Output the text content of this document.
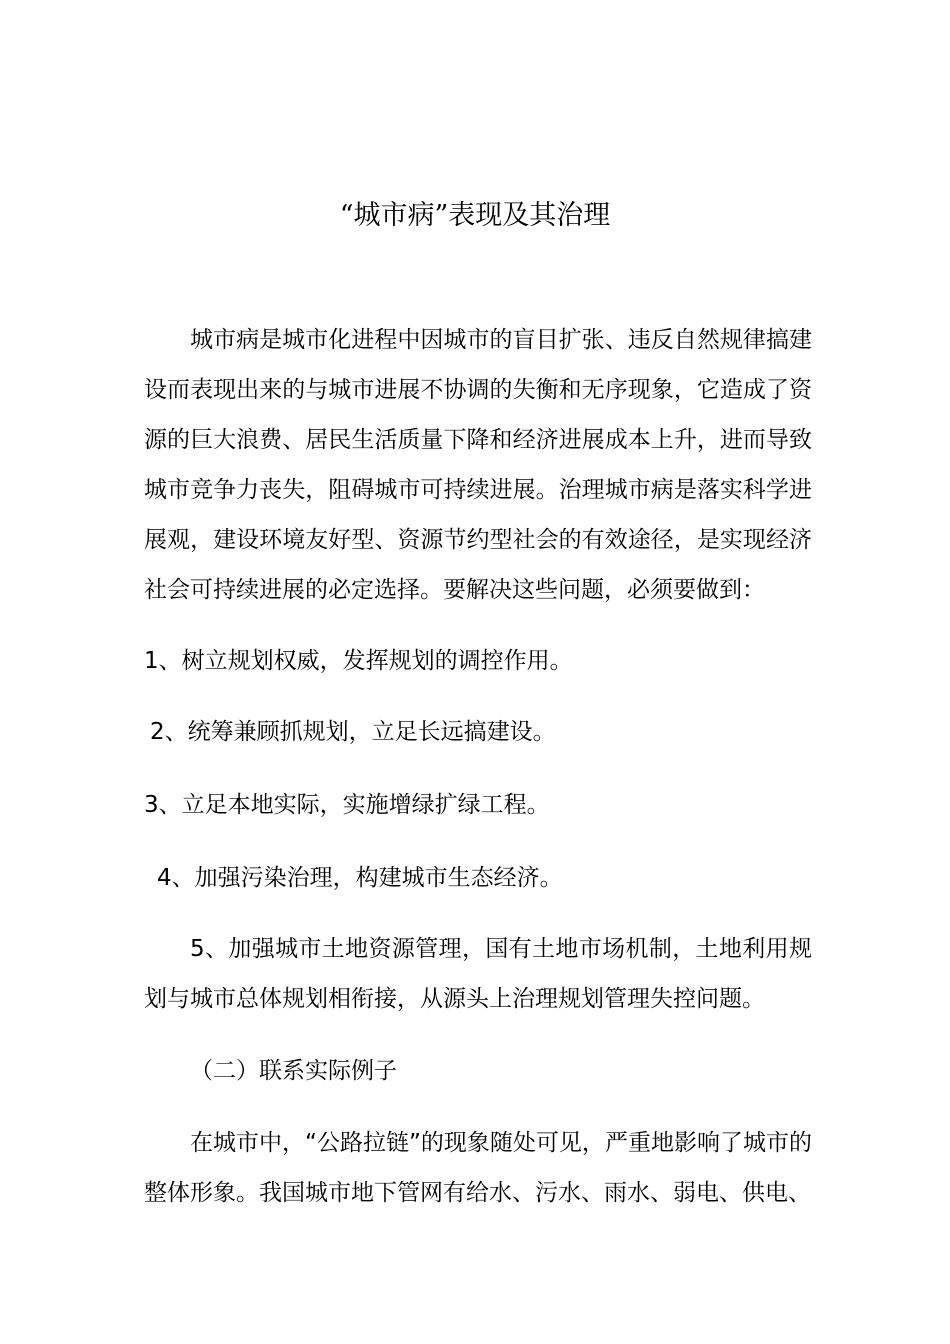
“城市病”表现及其治理
城市病是城市化进程中因城市的盲目扩张、违反自然规律搞建设而表现出来的与城市进展不协调的失衡和无序现象，它造成了资源的巨大浪费、居民生活质量下降和经济进展成本上升，进而导致城市竞争力丧失，阻碍城市可持续进展。治理城市病是落实科学进展观，建设环境友好型、资源节约型社会的有效途径，是实现经济社会可持续进展的必定选择。要解决这些问题，必须要做到：
1、树立规划权威，发挥规划的调控作用。
2、统筹兼顾抓规划，立足长远搞建设。
3、立足本地实际，实施增绿扩绿工程。
4、加强污染治理，构建城市生态经济。
5、加强城市土地资源管理，国有土地市场机制，土地利用规划与城市总体规划相衔接，从源头上治理规划管理失控问题。
（二）联系实际例子
在城市中，“公路拉链”的现象随处可见，严重地影响了城市的整体形象。我国城市地下管网有给水、污水、雨水、弱电、供电、
